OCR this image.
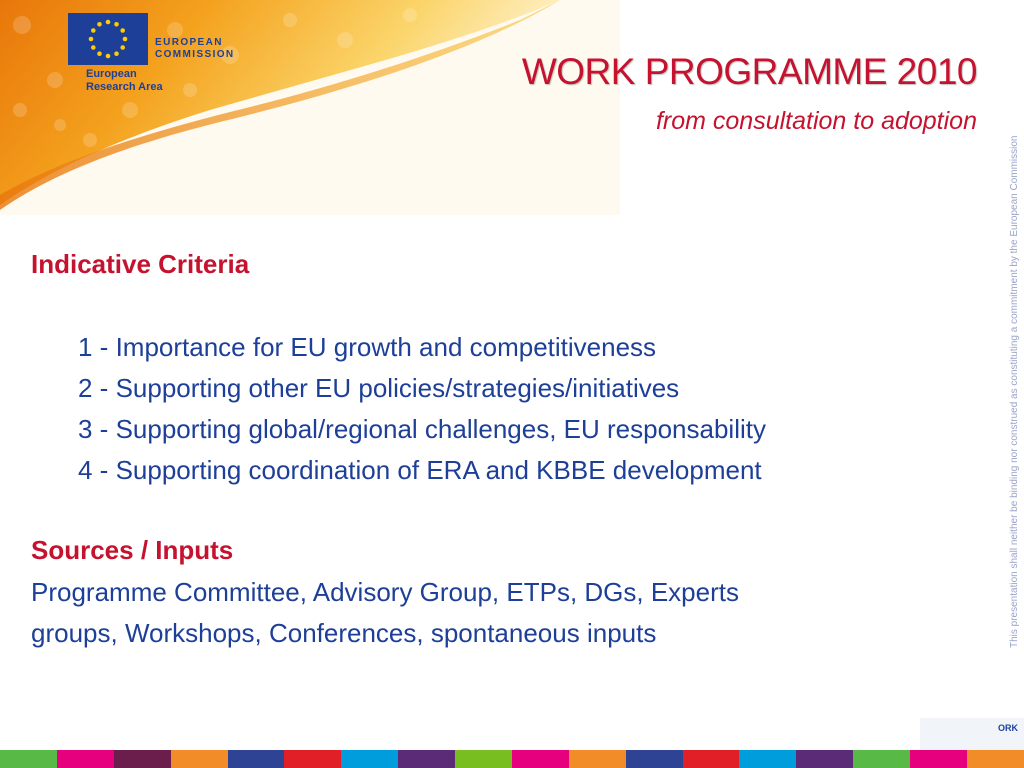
EUROPEAN
COMMISSION
European
Research Area	WORK PROGRAMME 2010
from consultation to adoption
Indicative Criteria
1 - Importance for EU growth and competitiveness
2 - Supporting other EU policies/strategies/initiatives
3 - Supporting global/regional challenges, EU responsability
4 - Supporting coordination of ERA and KBBE development
Sources / Inputs
Programme Committee, Advisory Group, ETPs, DGs, Experts
groups, Workshops, Conferences, spontaneous inputs	This presentation shall neither be binding nor construed as constituting a commitment by the European Commission
ORK
